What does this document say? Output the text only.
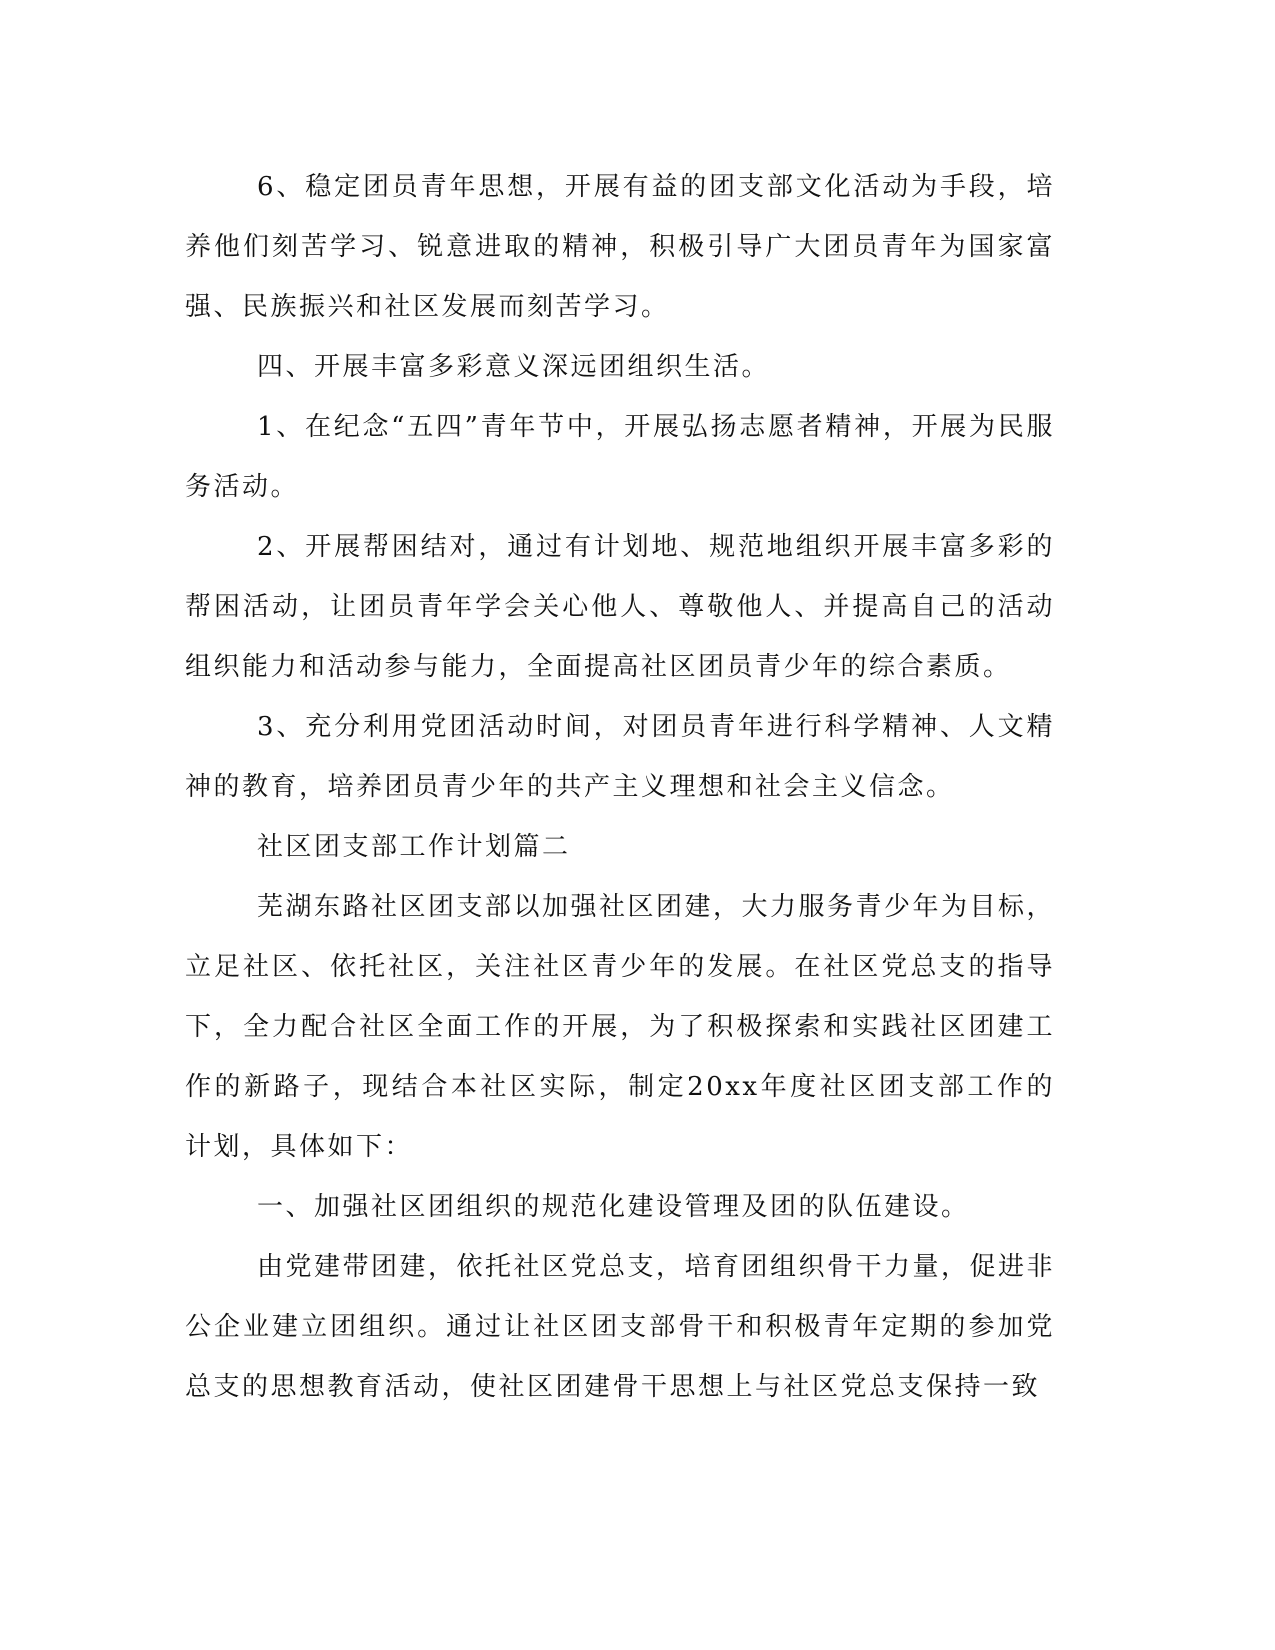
6、稳定团员青年思想，开展有益的团支部文化活动为手段，培养他们刻苦学习、锐意进取的精神，积极引导广大团员青年为国家富强、民族振兴和社区发展而刻苦学习。

四、开展丰富多彩意义深远团组织生活。

1、在纪念“五四”青年节中，开展弘扬志愿者精神，开展为民服务活动。

2、开展帮困结对，通过有计划地、规范地组织开展丰富多彩的帮困活动，让团员青年学会关心他人、尊敬他人、并提高自己的活动组织能力和活动参与能力，全面提高社区团员青少年的综合素质。

3、充分利用党团活动时间，对团员青年进行科学精神、人文精神的教育，培养团员青少年的共产主义理想和社会主义信念。

社区团支部工作计划篇二

芜湖东路社区团支部以加强社区团建，大力服务青少年为目标，立足社区、依托社区，关注社区青少年的发展。在社区党总支的指导下，全力配合社区全面工作的开展，为了积极探索和实践社区团建工作的新路子，现结合本社区实际，制定20xx年度社区团支部工作的计划，具体如下：

一、加强社区团组织的规范化建设管理及团的队伍建设。

由党建带团建，依托社区党总支，培育团组织骨干力量，促进非公企业建立团组织。通过让社区团支部骨干和积极青年定期的参加党总支的思想教育活动，使社区团建骨干思想上与社区党总支保持一致
